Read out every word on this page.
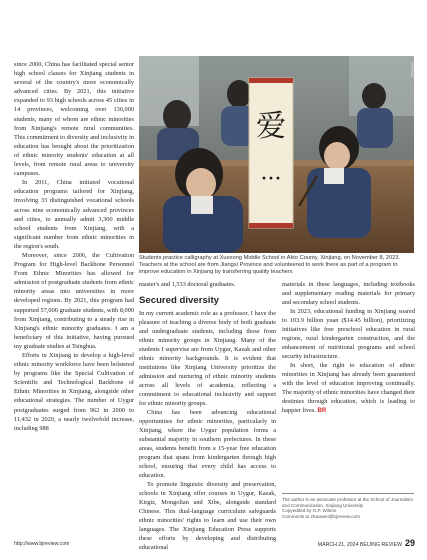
since 2000, China has facilitated special senior high school classes for Xinjiang students in several of the country's more economically advanced cities. By 2021, this initiative expanded to 93 high schools across 45 cities in 14 provinces, welcoming over 130,000 students, many of whom are ethnic minorities from Xinjiang's remote rural communities. This commitment to diversity and inclusivity in education has brought about the prioritization of ethnic minority students' education at all levels, from remote rural areas to university campuses.

In 2011, China initiated vocational education programs tailored for Xinjiang, involving 33 distinguished vocational schools across nine economically advanced provinces and cities, to annually admit 3,300 middle school students from Xinjiang, with a significant number from ethnic minorities in the region's south.

Moreover, since 2006, the Cultivation Program for High-level Backbone Personnel From Ethnic Minorities has allowed for admission of postgraduate students from ethnic minority areas into universities in more developed regions. By 2021, this program had supported 57,000 graduate students, with 8,000 from Xinjiang, contributing to a steady rise in Xinjiang's ethnic minority graduates. I am a beneficiary of this initiative, having pursued my graduate studies at Tsinghua.

Efforts in Xinjiang to develop a high-level ethnic minority workforce have been bolstered by programs like the Special Cultivation of Scientific and Technological Backbone of Ethnic Minorities in Xinjiang, alongside other educational strategies. The number of Uygur postgraduates surged from 962 in 2000 to 11,432 in 2020, a nearly twelvefold increase, including 988

爱
···
XINHUA
Students practice calligraphy at Xuesong Middle School in Akto County, Xinjiang, on November 8, 2023. Teachers at the school are from Jiangxi Province and volunteered to work there as part of a program to improve education in Xinjiang by transferring quality teachers

master's and 1,533 doctoral graduates.

Secured diversity

In my current academic role as a professor, I have the pleasure of teaching a diverse body of both graduate and undergraduate students, including those from ethnic minority groups in Xinjiang. Many of the students I supervise are from Uygur, Kazak and other ethnic minority backgrounds. It is evident that institutions like Xinjiang University prioritize the admission and nurturing of ethnic minority students across all levels of academia, reflecting a commitment to educational inclusivity and support for ethnic minority groups.

China has been advancing educational opportunities for ethnic minorities, particularly in Xinjiang, where the Uygur population forms a substantial majority in southern prefectures. In these areas, students benefit from a 15-year free education program that spans from kindergarten through high school, ensuring that every child has access to education.

To promote linguistic diversity and preservation, schools in Xinjiang offer courses in Uygur, Kazak, Kirgiz, Mongolian and Xibe, alongside standard Chinese. This dual-language curriculum safeguards ethnic minorities' rights to learn and use their own languages. The Xinjiang Education Press supports these efforts by developing and distributing educational

materials in these languages, including textbooks and supplementary reading materials for primary and secondary school students.

In 2023, educational funding in Xinjiang soared to 103.9 billion yuan ($14.45 billion), prioritizing initiatives like free preschool education in rural regions, rural kindergarten construction, and the enhancement of nutritional programs and school security infrastructure.

In short, the right to education of ethnic minorities in Xinjiang has already been guaranteed with the level of education improving continually. The majority of ethnic minorities have changed their destinies through education, which is leading to happier lives. BR

The author is an associate professor at the School of Journalism and Communication, Xinjiang University
Copyedited by G.P. Wilson
Comments to zhaoweiI@bjreview.com
http://www.bjreview.com	MARCH 21, 2024 BEIJING REVIEW 29
